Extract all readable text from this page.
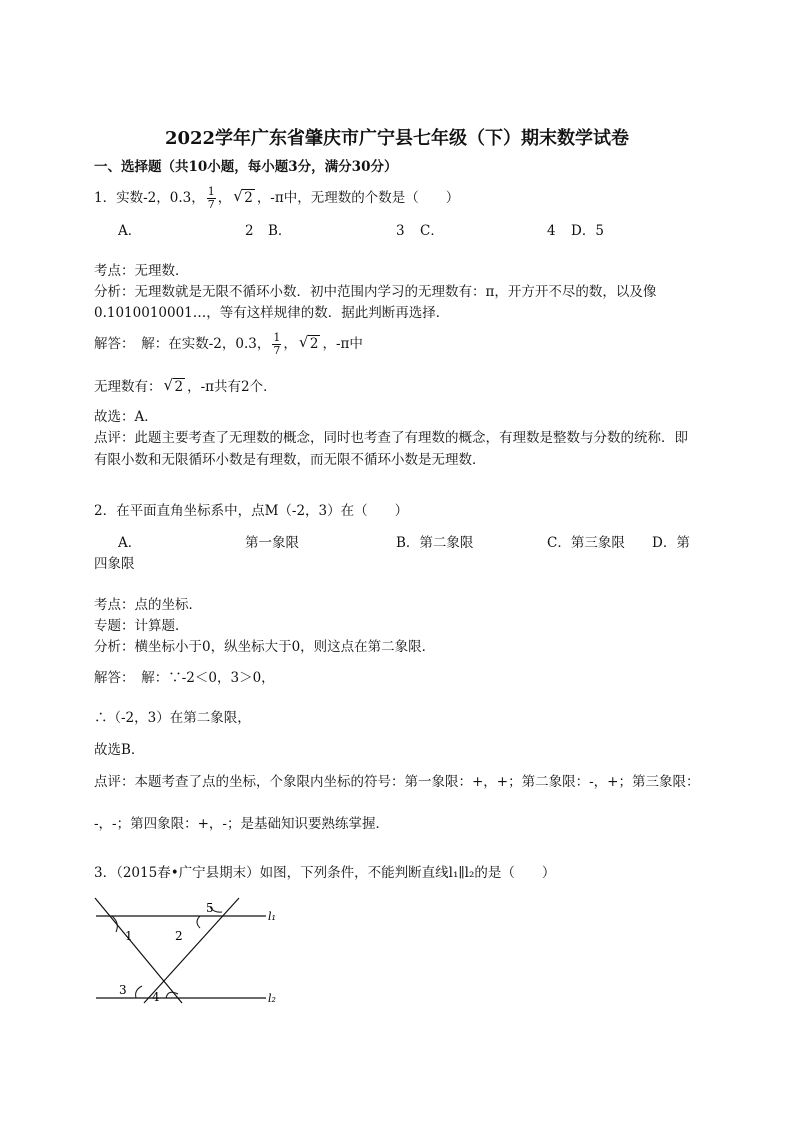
2022学年广东省肇庆市广宁县七年级（下）期末数学试卷
一、选择题（共10小题，每小题3分，满分30分）
1．实数-2，0.3， $\frac{1}{7}$ ， √ 2 ，-π中，无理数的个数是（　　）
A．	2 B．	3 C．	4 D．5
考点：无理数．
分析：无理数就是无限不循环小数．初中范围内学习的无理数有：π，开方开不尽的数，以及像
0.1010010001…，等有这样规律的数．据此判断再选择．
解答：　解：在实数-2，0.3， $\frac{1}{7}$ ， √ 2 ，-π中
无理数有： √ 2 ，-π共有2个．
故选：A．
点评：此题主要考查了无理数的概念，同时也考查了有理数的概念，有理数是整数与分数的统称．即
有限小数和无限循环小数是有理数，而无限不循环小数是无理数．
2．在平面直角坐标系中，点M（-2，3）在（　　）
A．	第一象限	B．第二象限	C．第三象限 D．第
四象限
考点：点的坐标．
专题：计算题．
分析：横坐标小于0，纵坐标大于0，则这点在第二象限．
解答：　解：∵-2＜0，3＞0，
∴（-2，3）在第二象限，
故选B．
点评：本题考查了点的坐标，个象限内坐标的符号：第一象限：+，+；第二象限：-，+；第三象限：
-，-；第四象限：+，-；是基础知识要熟练掌握．
3．（2015春•广宁县期末）如图，下列条件，不能判断直线l₁∥l₂的是（　　）
l₁
l₂
1	2
3 4
5
